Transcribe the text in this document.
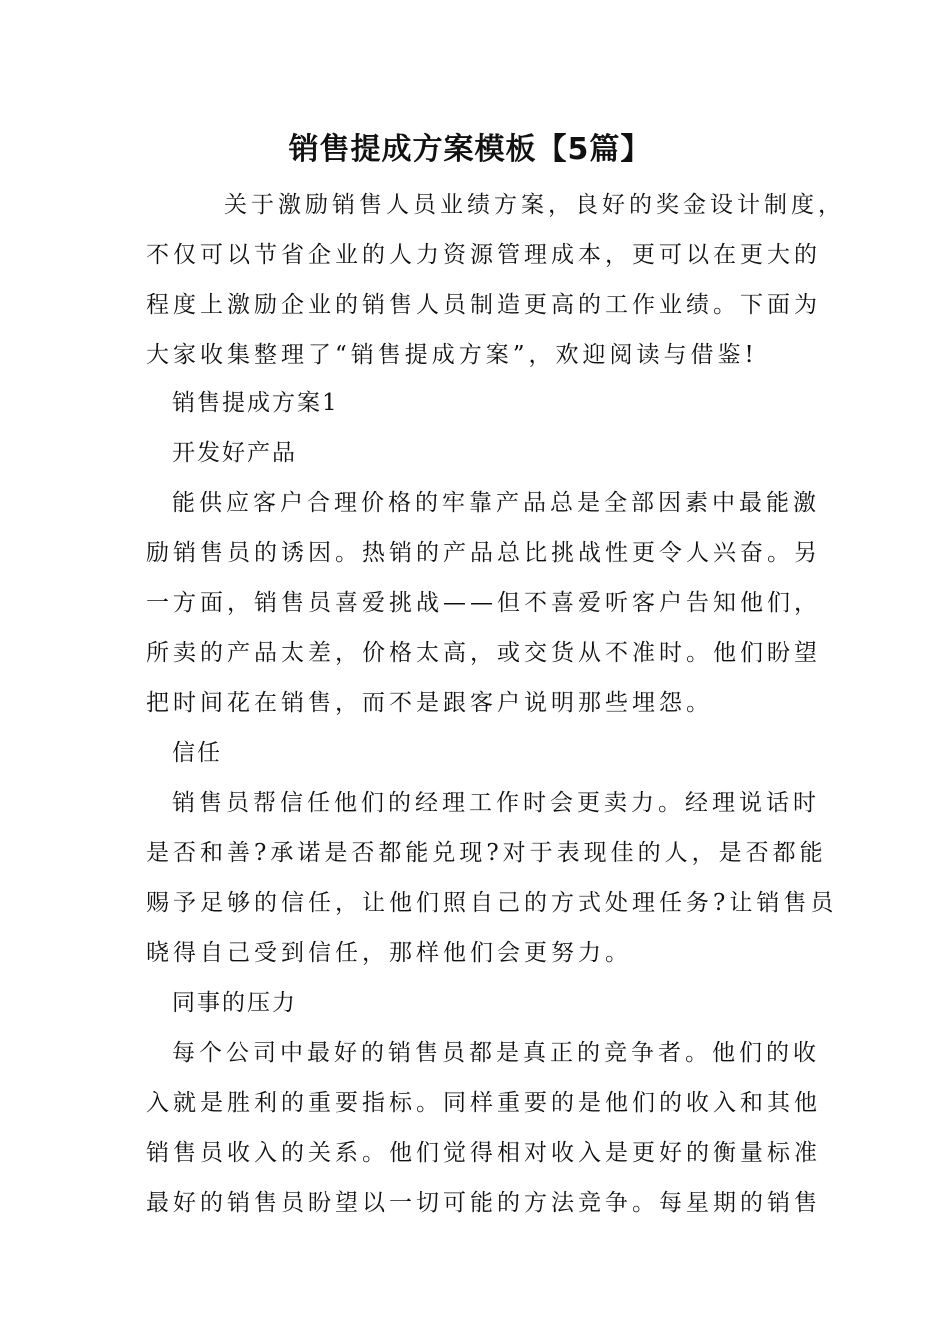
销售提成方案模板【5篇】
关于激励销售人员业绩方案，良好的奖金设计制度，
不仅可以节省企业的人力资源管理成本，更可以在更大的
程度上激励企业的销售人员制造更高的工作业绩。下面为
大家收集整理了“销售提成方案”，欢迎阅读与借鉴!
销售提成方案1
开发好产品
能供应客户合理价格的牢靠产品总是全部因素中最能激
励销售员的诱因。热销的产品总比挑战性更令人兴奋。另
一方面，销售员喜爱挑战——但不喜爱听客户告知他们，
所卖的产品太差，价格太高，或交货从不准时。他们盼望
把时间花在销售，而不是跟客户说明那些埋怨。
信任
销售员帮信任他们的经理工作时会更卖力。经理说话时
是否和善?承诺是否都能兑现?对于表现佳的人，是否都能
赐予足够的信任，让他们照自己的方式处理任务?让销售员
晓得自己受到信任，那样他们会更努力。
同事的压力
每个公司中最好的销售员都是真正的竞争者。他们的收
入就是胜利的重要指标。同样重要的是他们的收入和其他
销售员收入的关系。他们觉得相对收入是更好的衡量标准
最好的销售员盼望以一切可能的方法竞争。每星期的销售
